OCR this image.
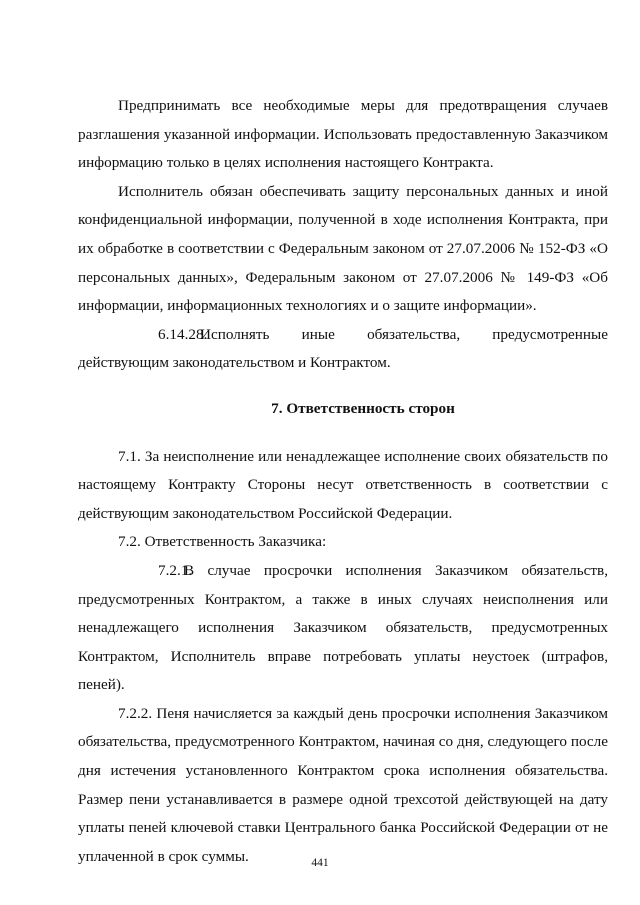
Предпринимать все необходимые меры для предотвращения случаев разглашения указанной информации. Использовать предоставленную Заказчиком информацию только в целях исполнения настоящего Контракта.

Исполнитель обязан обеспечивать защиту персональных данных и иной конфиденциальной информации, полученной в ходе исполнения Контракта, при их обработке в соответствии с Федеральным законом от 27.07.2006 № 152-ФЗ «О персональных данных», Федеральным законом от 27.07.2006 № 149-ФЗ «Об информации, информационных технологиях и о защите информации».

6.14.28.Исполнять иные обязательства, предусмотренные действующим законодательством и Контрактом.

7. Ответственность сторон

7.1. За неисполнение или ненадлежащее исполнение своих обязательств по настоящему Контракту Стороны несут ответственность в соответствии с действующим законодательством Российской Федерации.

7.2. Ответственность Заказчика:

7.2.1.В случае просрочки исполнения Заказчиком обязательств, предусмотренных Контрактом, а также в иных случаях неисполнения или ненадлежащего исполнения Заказчиком обязательств, предусмотренных Контрактом, Исполнитель вправе потребовать уплаты неустоек (штрафов, пеней).

7.2.2. Пеня начисляется за каждый день просрочки исполнения Заказчиком обязательства, предусмотренного Контрактом, начиная со дня, следующего после дня истечения установленного Контрактом срока исполнения обязательства. Размер пени устанавливается в размере одной трехсотой действующей на дату уплаты пеней ключевой ставки Центрального банка Российской Федерации от не уплаченной в срок суммы.	441
